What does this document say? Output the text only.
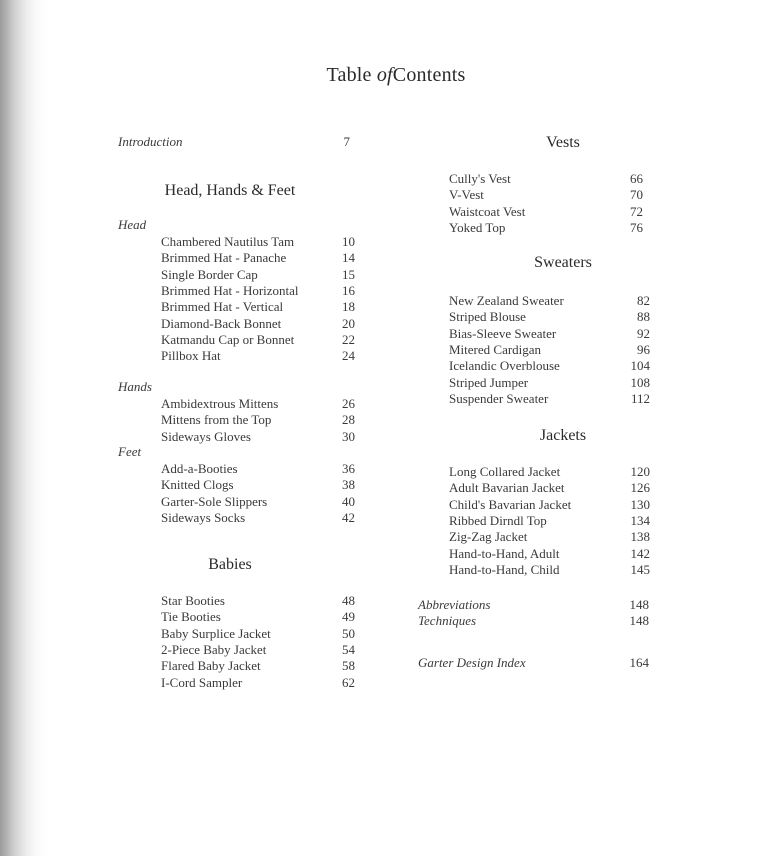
Table ofContents
Introduction	7
Head, Hands & Feet
Head
Chambered Nautilus Tam	10
Brimmed Hat - Panache	14
Single Border Cap	15
Brimmed Hat - Horizontal	16
Brimmed Hat - Vertical	18
Diamond-Back Bonnet	20
Katmandu Cap or Bonnet	22
Pillbox Hat	24
Hands
Ambidextrous Mittens	26
Mittens from the Top	28
Sideways Gloves	30
Feet
Add-a-Booties	36
Knitted Clogs	38
Garter-Sole Slippers	40
Sideways Socks	42
Babies
Star Booties	48
Tie Booties	49
Baby Surplice Jacket	50
2-Piece Baby Jacket	54
Flared Baby Jacket	58
I-Cord Sampler	62
Vests
Cully's Vest	66
V-Vest	70
Waistcoat Vest	72
Yoked Top	76
Sweaters
New Zealand Sweater	82
Striped Blouse	88
Bias-Sleeve Sweater	92
Mitered Cardigan	96
Icelandic Overblouse	104
Striped Jumper	108
Suspender Sweater	112
Jackets
Long Collared Jacket	120
Adult Bavarian Jacket	126
Child's Bavarian Jacket	130
Ribbed Dirndl Top	134
Zig-Zag Jacket	138
Hand-to-Hand, Adult	142
Hand-to-Hand, Child	145
Abbreviations	148
Techniques	148
Garter Design Index	164
